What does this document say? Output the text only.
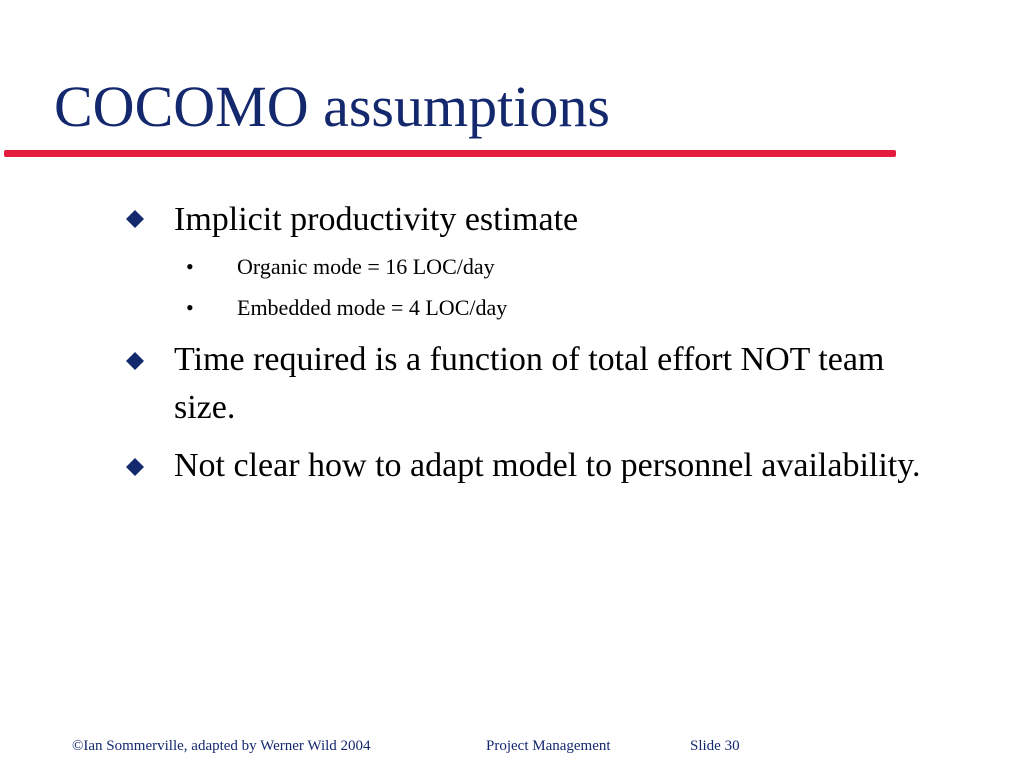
COCOMO assumptions
Implicit productivity estimate
• Organic mode = 16 LOC/day
• Embedded mode = 4 LOC/day
Time required is a function of total effort NOT team size.
Not clear how to adapt model to personnel availability.
©Ian Sommerville, adapted by Werner Wild 2004	Project Management	Slide 30
